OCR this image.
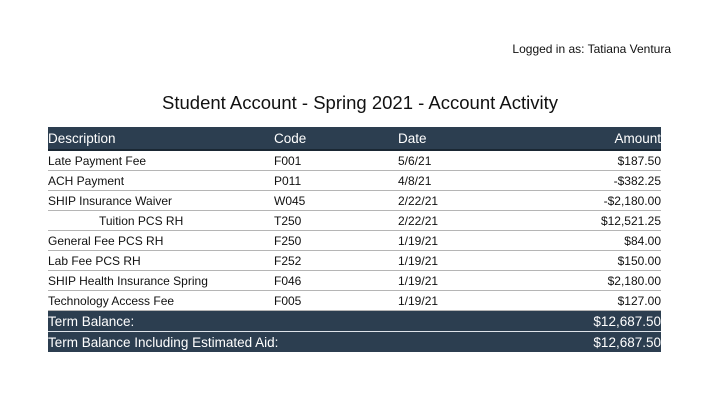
Logged in as: Tatiana Ventura
Student Account - Spring 2021 - Account Activity
Description	Code	Date	Amount
Late Payment Fee	F001	5/6/21	$187.50
ACH Payment	P011	4/8/21	-$382.25
SHIP Insurance Waiver	W045	2/22/21	-$2,180.00
Tuition PCS RH	T250	2/22/21	$12,521.25
General Fee PCS RH	F250	1/19/21	$84.00
Lab Fee PCS RH	F252	1/19/21	$150.00
SHIP Health Insurance Spring	F046	1/19/21	$2,180.00
Technology Access Fee	F005	1/19/21	$127.00
Term Balance:			$12,687.50
Term Balance Including Estimated Aid:			$12,687.50
